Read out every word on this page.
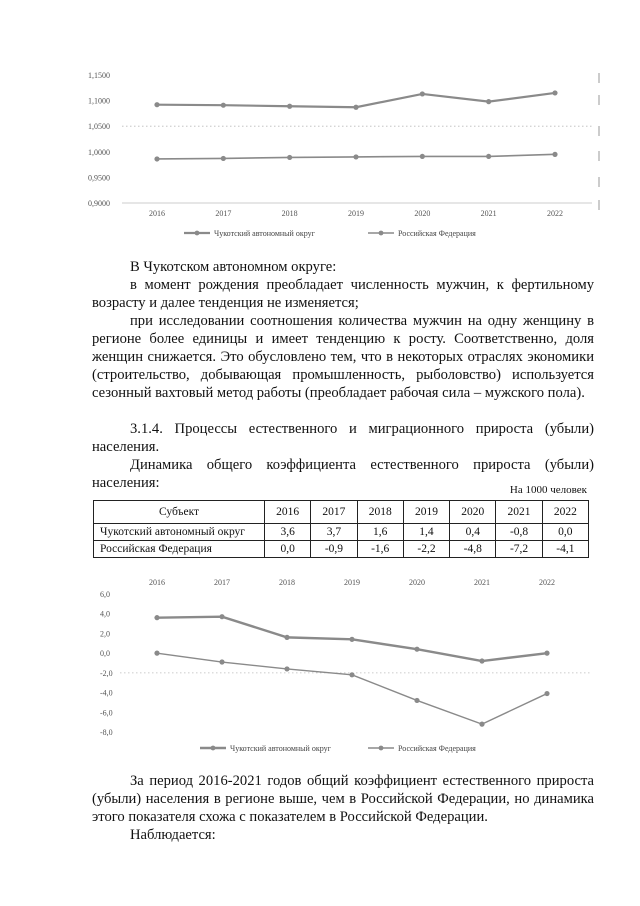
1,1500
1,1000
1,0500
1,0000
0,9500
0,9000
2016	2017	2018	2019	2020	2021	2022
Чукотский автономный округ	Российская Федерация

В Чукотском автономном округе:

в момент рождения преобладает численность мужчин, к фертильному возрасту и далее тенденция не изменяется;

при исследовании соотношения количества мужчин на одну женщину в регионе более единицы и имеет тенденцию к росту. Соответственно, доля женщин снижается. Это обусловлено тем, что в некоторых отраслях экономики (строительство, добывающая промышленность, рыболовство) используется сезонный вахтовый метод работы (преобладает рабочая сила – мужского пола).

3.1.4. Процессы естественного и миграционного прироста (убыли) населения.

Динамика общего коэффициента естественного прироста (убыли) населения:	На 1000 человек
Субъект	2016	2017	2018	2019	2020	2021	2022
Чукотский автономный округ	3,6	3,7	1,6	1,4	0,4	-0,8	0,0
Российская Федерация	0,0	-0,9	-1,6	-2,2	-4,8	-7,2	-4,1
6,0
4,0
2,0
0,0
-2,0
-4,0
-6,0
-8,0
2016	2017	2018	2019	2020	2021	2022
Чукотский автономный округ	Российская Федерация

За период 2016-2021 годов общий коэффициент естественного прироста (убыли) населения в регионе выше, чем в Российской Федерации, но динамика этого показателя схожа с показателем в Российской Федерации.

Наблюдается:
